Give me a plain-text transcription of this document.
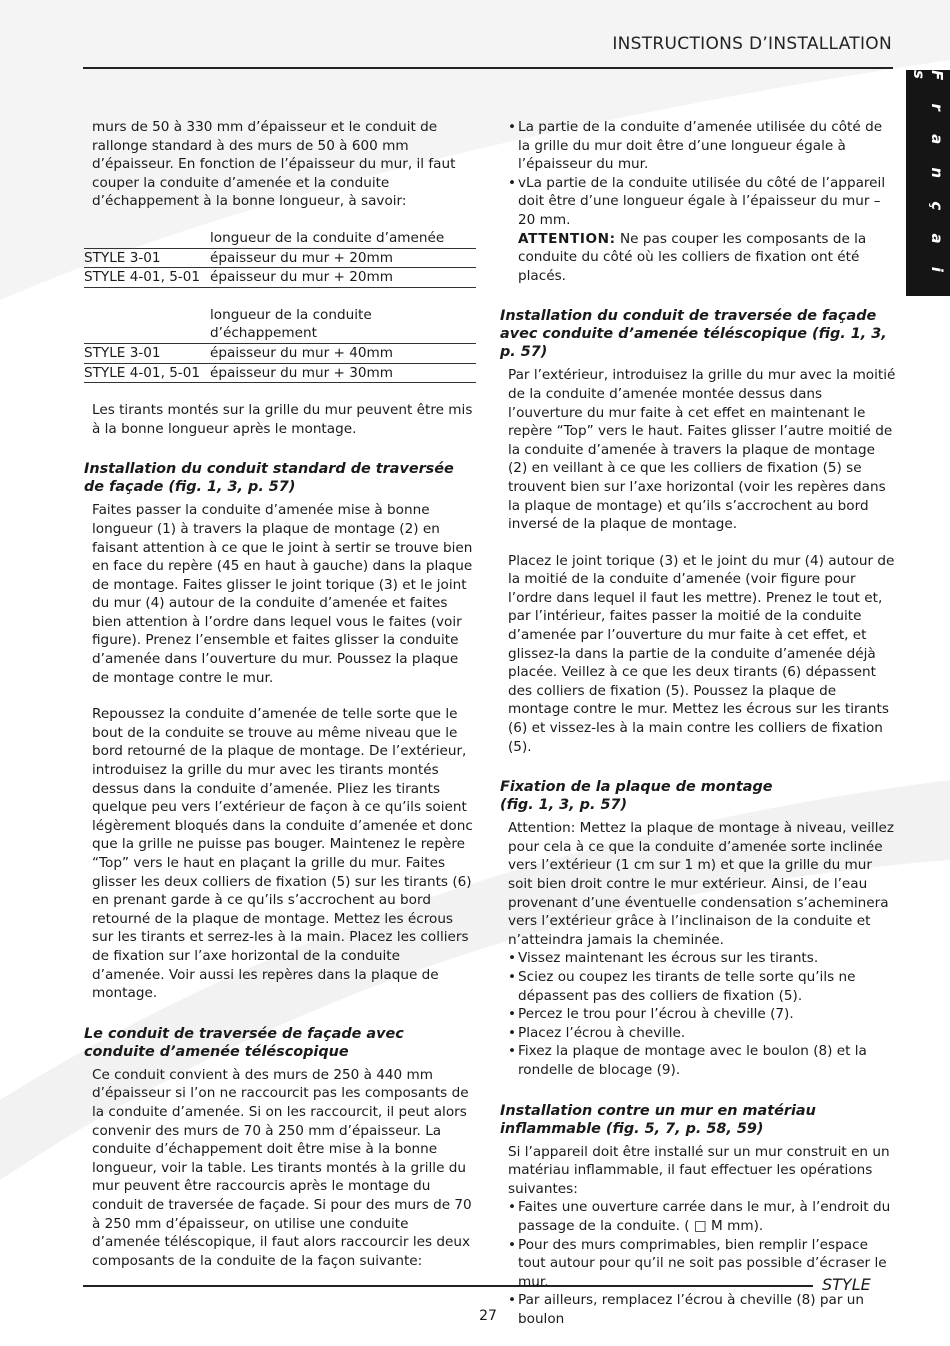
INSTRUCTIONS D’INSTALLATION
F r a n ç a i s

murs de 50 à 330 mm d’épaisseur et le conduit de rallonge standard à des murs de 50 à 600 mm d’épaisseur. En fonction de l’épaisseur du mur, il faut couper la conduite d’amenée et la conduite d’échappement à la bonne longueur, à savoir:

	longueur de la conduite d’amenée
STYLE 3-01	épaisseur du mur + 20mm
STYLE 4-01, 5-01	épaisseur du mur + 20mm
	longueur de la conduite d’échappement
STYLE 3-01	épaisseur du mur + 40mm
STYLE 4-01, 5-01	épaisseur du mur + 30mm

Les tirants montés sur la grille du mur peuvent être mis à la bonne longueur après le montage.

Installation du conduit standard de traversée de façade (fig. 1, 3, p. 57)

Faites passer la conduite d’amenée mise à bonne longueur (1) à travers la plaque de montage (2) en faisant attention à ce que le joint à sertir se trouve bien en face du repère (45 en haut à gauche) dans la plaque de montage. Faites glisser le joint torique (3) et le joint du mur (4) autour de la conduite d’amenée et faites bien attention à l’ordre dans lequel vous le faites (voir figure). Prenez l’ensemble et faites glisser la conduite d’amenée dans l’ouverture du mur. Poussez la plaque de montage contre le mur.

Repoussez la conduite d’amenée de telle sorte que le bout de la conduite se trouve au même niveau que le bord retourné de la plaque de montage. De l’extérieur, introduisez la grille du mur avec les tirants montés dessus dans la conduite d’amenée. Pliez les tirants quelque peu vers l’extérieur de façon à ce qu’ils soient légèrement bloqués dans la conduite d’amenée et donc que la grille ne puisse pas bouger. Maintenez le repère “Top” vers le haut en plaçant la grille du mur. Faites glisser les deux colliers de fixation (5) sur les tirants (6) en prenant garde à ce qu’ils s’accrochent au bord retourné de la plaque de montage. Mettez les écrous sur les tirants et serrez-les à la main. Placez les colliers de fixation sur l’axe horizontal de la conduite d’amenée. Voir aussi les repères dans la plaque de montage.

Le conduit de traversée de façade avec conduite d’amenée téléscopique

Ce conduit convient à des murs de 250 à 440 mm d’épaisseur si l’on ne raccourcit pas les composants de la conduite d’amenée. Si on les raccourcit, il peut alors convenir des murs de 70 à 250 mm d’épaisseur. La conduite d’échappement doit être mise à la bonne longueur, voir la table. Les tirants montés à la grille du mur peuvent être raccourcis après le montage du conduit de traversée de façade. Si pour des murs de 70 à 250 mm d’épaisseur, on utilise une conduite d’amenée téléscopique, il faut alors raccourcir les deux composants de la conduite de la façon suivante:

• La partie de la conduite d’amenée utilisée du côté de la grille du mur doit être d’une longueur égale à l’épaisseur du mur.
• vLa partie de la conduite utilisée du côté de l’appareil doit être d’une longueur égale à l’épaisseur du mur – 20 mm.

ATTENTION: Ne pas couper les composants de la conduite du côté où les colliers de fixation ont été placés.

Installation du conduit de traversée de façade avec conduite d’amenée téléscopique (fig. 1, 3, p. 57)

Par l’extérieur, introduisez la grille du mur avec la moitié de la conduite d’amenée montée dessus dans l’ouverture du mur faite à cet effet en maintenant le repère “Top” vers le haut. Faites glisser l’autre moitié de la conduite d’amenée à travers la plaque de montage (2) en veillant à ce que les colliers de fixation (5) se trouvent bien sur l’axe horizontal (voir les repères dans la plaque de montage) et qu’ils s’accrochent au bord inversé de la plaque de montage.

Placez le joint torique (3) et le joint du mur (4) autour de la moitié de la conduite d’amenée (voir figure pour l’ordre dans lequel il faut les mettre). Prenez le tout et, par l’intérieur, faites passer la moitié de la conduite d’amenée par l’ouverture du mur faite à cet effet, et glissez-la dans la partie de la conduite d’amenée déjà placée. Veillez à ce que les deux tirants (6) dépassent des colliers de fixation (5). Poussez la plaque de montage contre le mur. Mettez les écrous sur les tirants (6) et vissez-les à la main contre les colliers de fixation (5).

Fixation de la plaque de montage
(fig. 1, 3, p. 57)

Attention: Mettez la plaque de montage à niveau, veillez pour cela à ce que la conduite d’amenée sorte inclinée vers l’extérieur (1 cm sur 1 m) et que la grille du mur soit bien droit contre le mur extérieur. Ainsi, de l’eau provenant d’une éventuelle condensation s’acheminera vers l’extérieur grâce à l’inclinaison de la conduite et n’atteindra jamais la cheminée.

• Vissez maintenant les écrous sur les tirants.
• Sciez ou coupez les tirants de telle sorte qu’ils ne dépassent pas des colliers de fixation (5).
• Percez le trou pour l’écrou à cheville (7).
• Placez l’écrou à cheville.
• Fixez la plaque de montage avec le boulon (8) et la rondelle de blocage (9).
Installation contre un mur en matériau inflammable (fig. 5, 7, p. 58, 59)

Si l’appareil doit être installé sur un mur construit en un matériau inflammable, il faut effectuer les opérations suivantes:

• Faites une ouverture carrée dans le mur, à l’endroit du passage de la conduite. ( □ M mm).
• Pour des murs comprimables, bien remplir l’espace tout autour pour qu’il ne soit pas possible d’écraser le mur.
• Par ailleurs, remplacez l’écrou à cheville (8) par un boulon
STYLE
27
